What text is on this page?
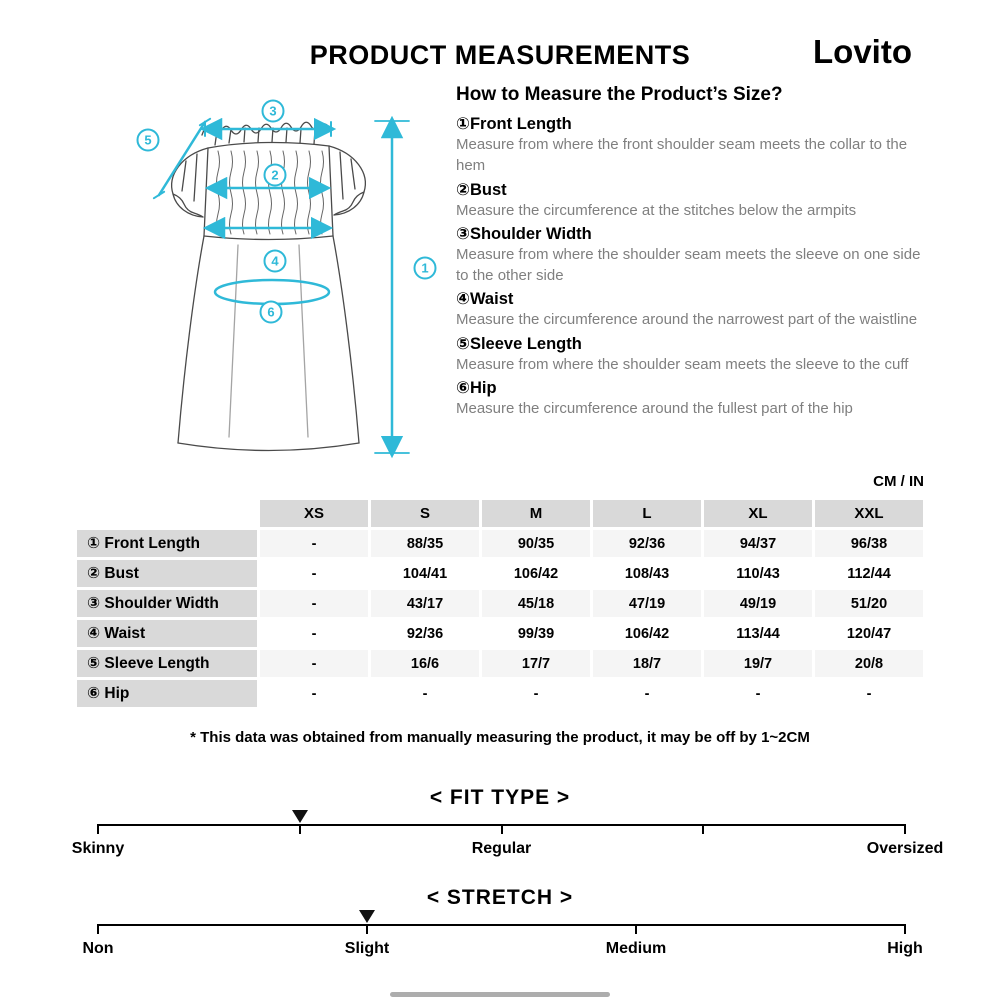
PRODUCT MEASUREMENTS	Lovito
1
2
3
4
5
6
How to Measure the Product’s Size?
①Front Length
Measure from where the front shoulder seam meets the collar to the hem
②Bust
Measure the circumference at the stitches below the armpits
③Shoulder Width
Measure from where the shoulder seam meets the sleeve on one side to the other side
④Waist
Measure the circumference around the narrowest part of the waistline
⑤Sleeve Length
Measure from where the shoulder seam meets the sleeve to the cuff
⑥Hip
Measure the circumference around the fullest part of the hip
CM / IN
	XS	S	M	L	XL	XXL
① Front Length	-	88/35	90/35	92/36	94/37	96/38
② Bust	-	104/41	106/42	108/43	110/43	112/44
③ Shoulder Width	-	43/17	45/18	47/19	49/19	51/20
④ Waist	-	92/36	99/39	106/42	113/44	120/47
⑤ Sleeve Length	-	16/6	17/7	18/7	19/7	20/8
⑥ Hip	-	-	-	-	-	-
* This data was obtained from manually measuring the product, it may be off by 1~2CM
< FIT TYPE >
Skinny	Regular	Oversized
< STRETCH >
Non	Slight	Medium	High
